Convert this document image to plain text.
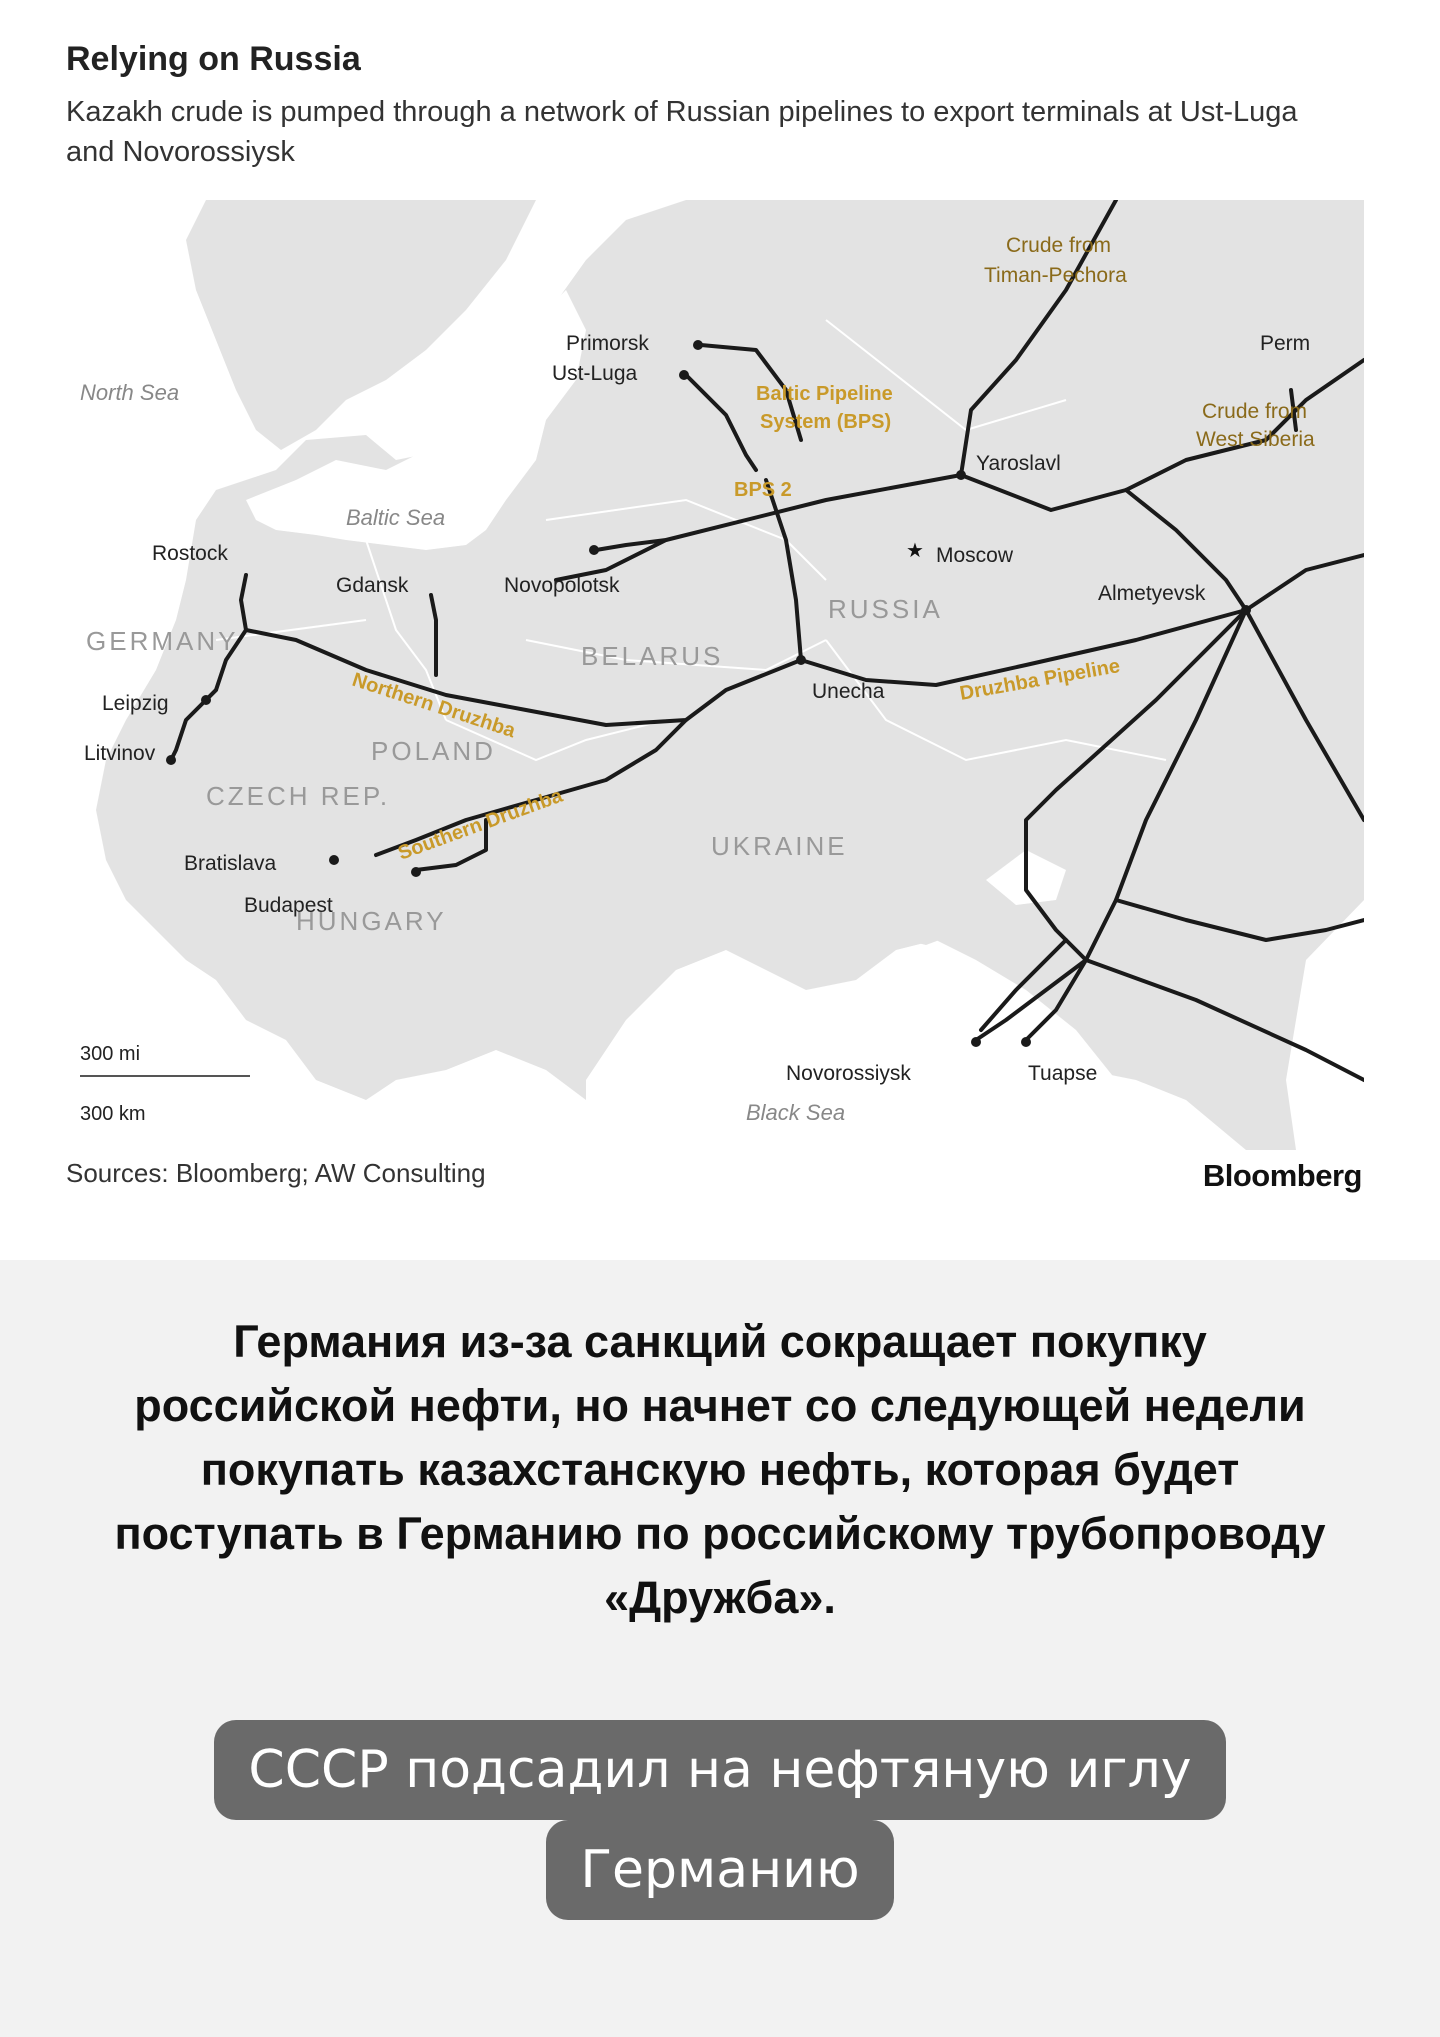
Relying on Russia
Kazakh crude is pumped through a network of Russian pipelines to export terminals at Ust-Luga and Novorossiysk
★
North Sea
Baltic Sea
Black Sea
GERMANY
POLAND
CZECH REP.
HUNGARY
BELARUS
UKRAINE
RUSSIA
Rostock
Gdansk
Leipzig
Litvinov
Bratislava
Budapest
Primorsk
Ust-Luga
Novopolotsk
Moscow
Yaroslavl
Unecha
Almetyevsk
Perm
Novorossiysk	Tuapse
Crude from
Timan-Pechora
Crude from
West Siberia
Baltic Pipeline
System (BPS)
BPS 2
Northern Druzhba
Southern Druzhba
Druzhba Pipeline
300 mi
300 km
Sources: Bloomberg; AW Consulting	Bloomberg
Германия из-за санкций сокращает покупку российской нефти, но начнет со следующей недели покупать казахстанскую нефть, которая будет поступать в Германию по российскому трубопроводу «Дружба».
СССР подсадил на нефтяную иглу
Германию
